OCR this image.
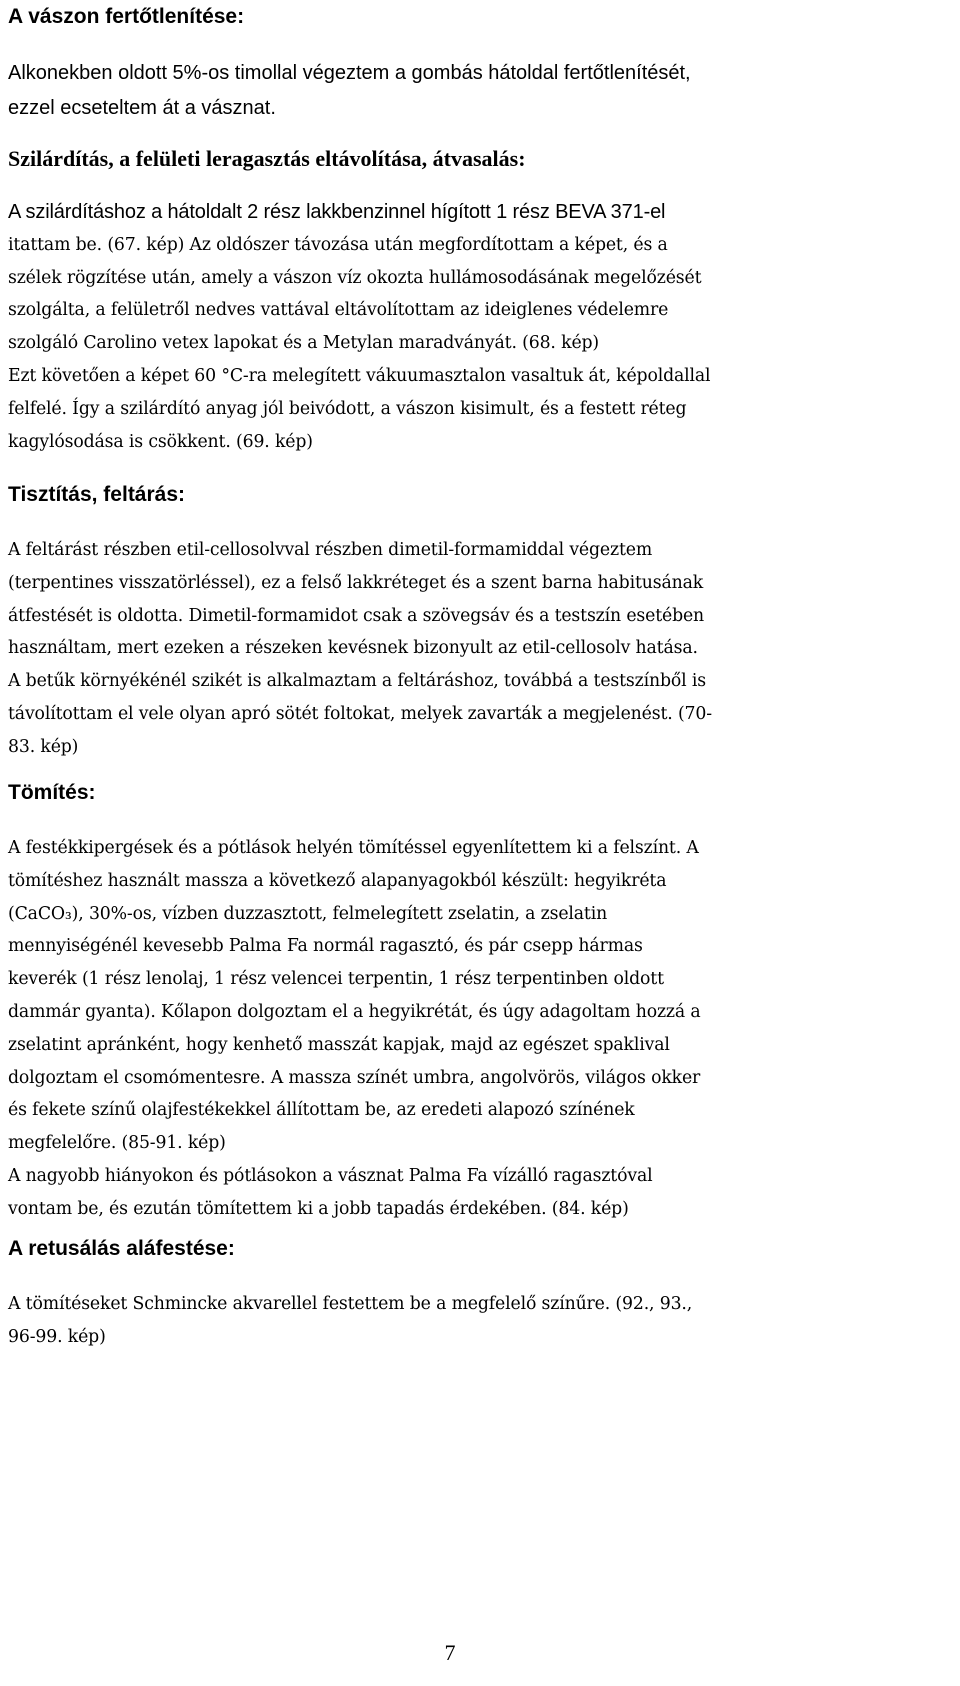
A vászon fertőtlenítése:

Alkonekben oldott 5%-os timollal végeztem a gombás hátoldal fertőtlenítését,
ezzel ecseteltem át a vásznat.

Szilárdítás, a felületi leragasztás eltávolítása, átvasalás:

A szilárdításhoz a hátoldalt 2 rész lakkbenzinnel hígított 1 rész BEVA 371-el
itattam be. (67. kép) Az oldószer távozása után megfordítottam a képet, és a
szélek rögzítése után, amely a vászon víz okozta hullámosodásának megelőzését
szolgálta, a felületről nedves vattával eltávolítottam az ideiglenes védelemre
szolgáló Carolino vetex lapokat és a Metylan maradványát. (68. kép)
Ezt követően a képet 60 °C-ra melegített vákuumasztalon vasaltuk át, képoldallal
felfelé. Így a szilárdító anyag jól beivódott, a vászon kisimult, és a festett réteg
kagylósodása is csökkent. (69. kép)

Tisztítás, feltárás:

A feltárást részben etil-cellosolvval részben dimetil-formamiddal végeztem
(terpentines visszatörléssel), ez a felső lakkréteget és a szent barna habitusának
átfestését is oldotta. Dimetil-formamidot csak a szövegsáv és a testszín esetében
használtam, mert ezeken a részeken kevésnek bizonyult az etil-cellosolv hatása.
A betűk környékénél szikét is alkalmaztam a feltáráshoz, továbbá a testszínből is
távolítottam el vele olyan apró sötét foltokat, melyek zavarták a megjelenést. (70-
83. kép)

Tömítés:

A festékkipergések és a pótlások helyén tömítéssel egyenlítettem ki a felszínt. A
tömítéshez használt massza a következő alapanyagokból készült: hegyikréta
(CaCO₃), 30%-os, vízben duzzasztott, felmelegített zselatin, a zselatin
mennyiségénél kevesebb Palma Fa normál ragasztó, és pár csepp hármas
keverék (1 rész lenolaj, 1 rész velencei terpentin, 1 rész terpentinben oldott
dammár gyanta). Kőlapon dolgoztam el a hegyikrétát, és úgy adagoltam hozzá a
zselatint apránként, hogy kenhető masszát kapjak, majd az egészet spaklival
dolgoztam el csomómentesre. A massza színét umbra, angolvörös, világos okker
és fekete színű olajfestékekkel állítottam be, az eredeti alapozó színének
megfelelőre. (85-91. kép)
A nagyobb hiányokon és pótlásokon a vásznat Palma Fa vízálló ragasztóval
vontam be, és ezután tömítettem ki a jobb tapadás érdekében. (84. kép)

A retusálás aláfestése:

A tömítéseket Schmincke akvarellel festettem be a megfelelő színűre. (92., 93.,
96-99. kép)

7
